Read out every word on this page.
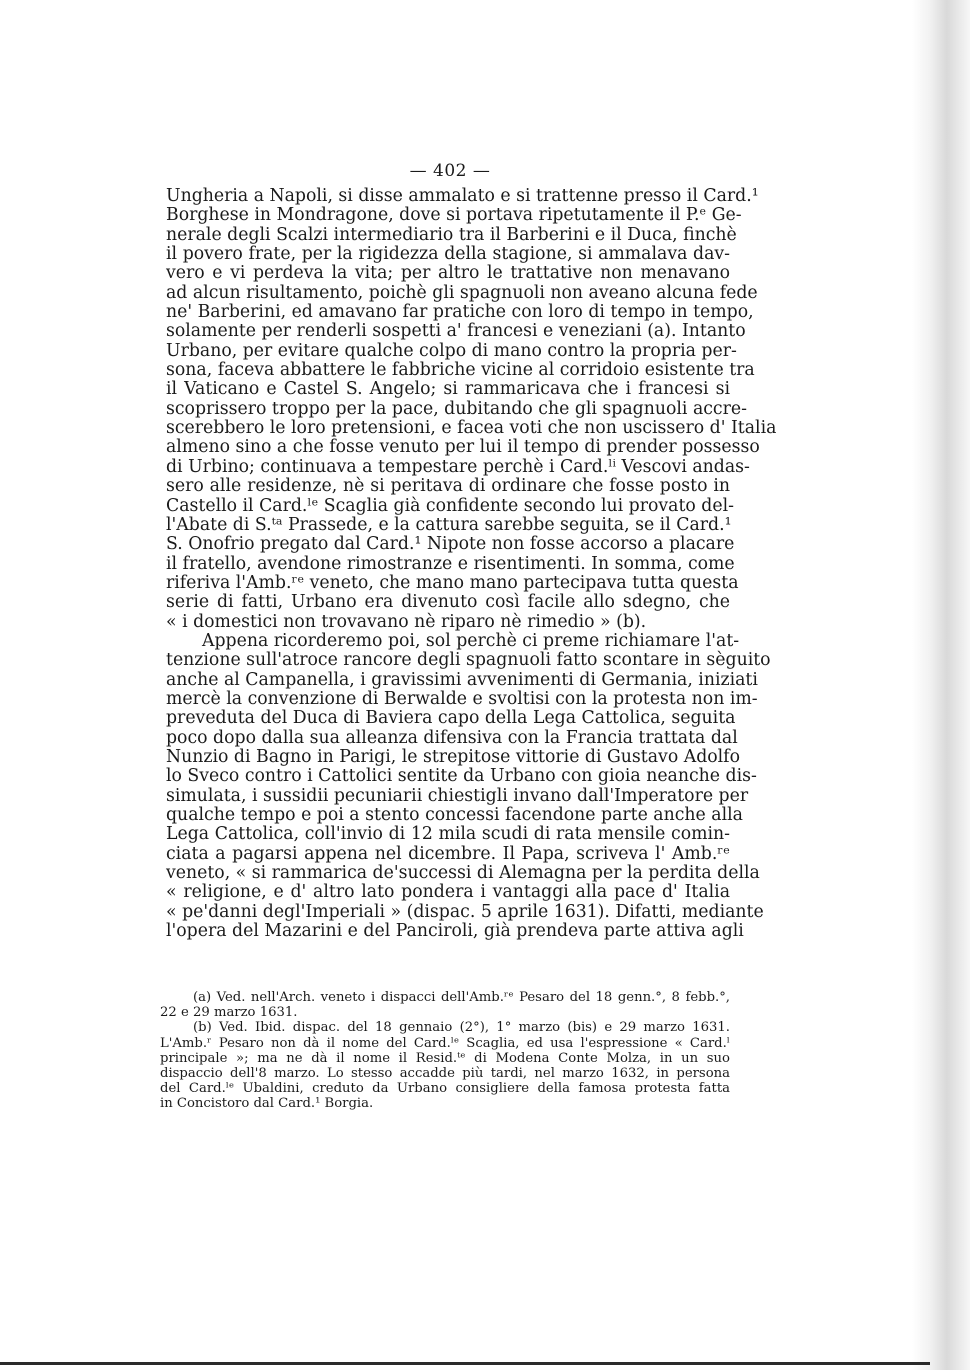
— 402 —
Ungheria a Napoli, si disse ammalato e si trattenne presso il Card.¹
Borghese in Mondragone, dove si portava ripetutamente il P.ᵉ Ge-
nerale degli Scalzi intermediario tra il Barberini e il Duca, finchè
il povero frate, per la rigidezza della stagione, si ammalava dav-
vero e vi perdeva la vita; per altro le trattative non menavano
ad alcun risultamento, poichè gli spagnuoli non aveano alcuna fede
ne' Barberini, ed amavano far pratiche con loro di tempo in tempo,
solamente per renderli sospetti a' francesi e veneziani (a). Intanto
Urbano, per evitare qualche colpo di mano contro la propria per-
sona, faceva abbattere le fabbriche vicine al corridoio esistente tra
il Vaticano e Castel S. Angelo; si rammaricava che i francesi si
scoprissero troppo per la pace, dubitando che gli spagnuoli accre-
scerebbero le loro pretensioni, e facea voti che non uscissero d' Italia
almeno sino a che fosse venuto per lui il tempo di prender possesso
di Urbino; continuava a tempestare perchè i Card.ˡⁱ Vescovi andas-
sero alle residenze, nè si peritava di ordinare che fosse posto in
Castello il Card.ˡᵉ Scaglia già confidente secondo lui provato del-
l'Abate di S.ᵗᵃ Prassede, e la cattura sarebbe seguita, se il Card.¹
S. Onofrio pregato dal Card.¹ Nipote non fosse accorso a placare
il fratello, avendone rimostranze e risentimenti. In somma, come
riferiva l'Amb.ʳᵉ veneto, che mano mano partecipava tutta questa
serie di fatti, Urbano era divenuto così facile allo sdegno, che
« i domestici non trovavano nè riparo nè rimedio » (b).
Appena ricorderemo poi, sol perchè ci preme richiamare l'at-
tenzione sull'atroce rancore degli spagnuoli fatto scontare in sèguito
anche al Campanella, i gravissimi avvenimenti di Germania, iniziati
mercè la convenzione di Berwalde e svoltisi con la protesta non im-
preveduta del Duca di Baviera capo della Lega Cattolica, seguita
poco dopo dalla sua alleanza difensiva con la Francia trattata dal
Nunzio di Bagno in Parigi, le strepitose vittorie di Gustavo Adolfo
lo Sveco contro i Cattolici sentite da Urbano con gioia neanche dis-
simulata, i sussidii pecuniarii chiestigli invano dall'Imperatore per
qualche tempo e poi a stento concessi facendone parte anche alla
Lega Cattolica, coll'invio di 12 mila scudi di rata mensile comin-
ciata a pagarsi appena nel dicembre. Il Papa, scriveva l' Amb.ʳᵉ
veneto, « si rammarica de'successi di Alemagna per la perdita della
« religione, e d' altro lato pondera i vantaggi alla pace d' Italia
« pe'danni degl'Imperiali » (dispac. 5 aprile 1631). Difatti, mediante
l'opera del Mazarini e del Panciroli, già prendeva parte attiva agli
(a) Ved. nell'Arch. veneto i dispacci dell'Amb.ʳᵉ Pesaro del 18 genn.°, 8 febb.°,
22 e 29 marzo 1631.
(b) Ved. Ibid. dispac. del 18 gennaio (2°), 1° marzo (bis) e 29 marzo 1631.
L'Amb.ʳ Pesaro non dà il nome del Card.ˡᵉ Scaglia, ed usa l'espressione « Card.ˡ
principale »; ma ne dà il nome il Resid.ᵗᵉ di Modena Conte Molza, in un suo
dispaccio dell'8 marzo. Lo stesso accadde più tardi, nel marzo 1632, in persona
del Card.ˡᵉ Ubaldini, creduto da Urbano consigliere della famosa protesta fatta
in Concistoro dal Card.¹ Borgia.
